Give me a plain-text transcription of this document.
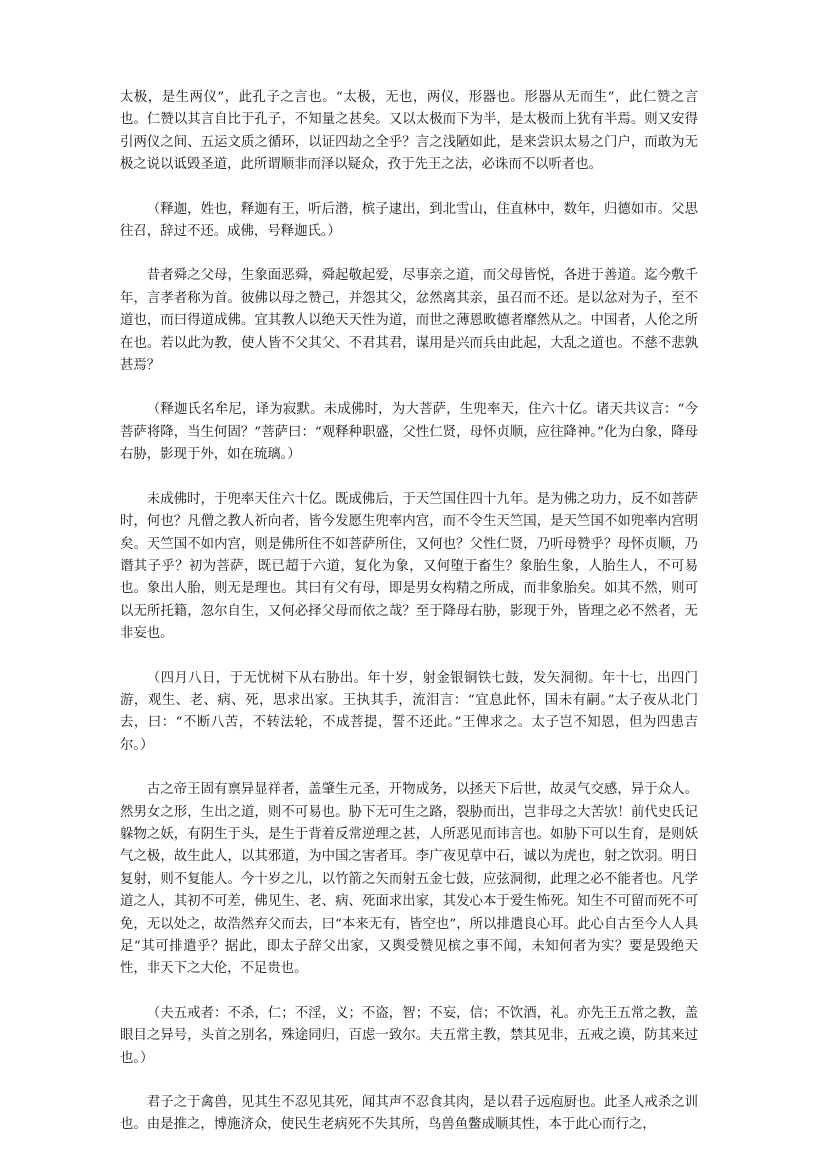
太极，是生两仪”，此孔子之言也。“太极，无也，两仪，形器也。形器从无而生”，此仁赞之言也。仁赞以其言自比于孔子，不知量之甚矣。又以太极而下为半，是太极而上犹有半焉。则又安得引两仪之间、五运文质之循环，以证四劫之全乎？言之浅陋如此，是来尝识太易之门户，而敢为无极之说以诋毁圣道，此所谓顺非而泽以疑众，孜于先王之法，必诛而不以听者也。

（释迦，姓也，释迦有王，听后潜，槟子逮出，到北雪山，住直林中，数年，归德如市。父思往召，辞过不还。成佛，号释迦氏。）

昔者舜之父母，生象面恶舜，舜起敬起爱，尽事亲之道，而父母皆悦，各进于善道。迄今敷千年，言孝者称为首。彼佛以母之赞己，并怨其父，忿然离其亲，虽召而不还。是以忿对为子，至不道也，而曰得道成佛。宜其教人以绝天天性为道，而世之薄恩畋德者靡然从之。中国者，人伦之所在也。若以此为教，使人皆不父其父、不君其君，谋用是兴而兵由此起，大乱之道也。不慈不悲孰甚焉？

（释迦氏名牟尼，译为寂默。未成佛时，为大菩萨，生兜率天，住六十亿。诸天共议言：“今菩萨将降，当生何固？”菩萨曰：“观释种职盛，父性仁贤，母怀贞顺，应往降神。”化为白象，降母右胁，影现于外，如在琉璃。）

未成佛时，于兜率天住六十亿。既成佛后，于天竺国住四十九年。是为佛之功力，反不如菩萨时，何也？凡僧之教人祈向者，皆今发愿生兜率内宫，而不令生天竺国，是天竺国不如兜率内宫明矣。天竺国不如内宫，则是佛所住不如菩萨所住，又何也？父性仁贤，乃听母赞乎？母怀贞顺，乃谮其子乎？初为菩萨，既已超于六道，复化为象，又何堕于畜生？象胎生象，人胎生人，不可易也。象出人胎，则无是理也。其曰有父有母，即是男女构精之所成，而非象胎矣。如其不然，则可以无所托籍，忽尔自生，又何必择父母而依之哉？至于降母右胁，影现于外，皆理之必不然者，无非妄也。

（四月八日，于无忧树下从右胁出。年十岁，射金银铜铁七鼓，发矢洞彻。年十七，出四门游，观生、老、病、死，思求出家。王执其手，流泪言：“宜息此怀，国未有嗣。”太子夜从北门去，曰：“不断八苦，不转法轮，不成菩提，誓不还此。”王俾求之。太子岂不知恩，但为四患吉尔。）

古之帝王固有禀异显祥者，盖肇生元圣，开物成务，以拯天下后世，故灵气交感，异于众人。然男女之形，生出之道，则不可易也。胁下无可生之路，裂胁而出，岂非母之大苦欤！前代史氏记躲物之妖，有阴生于头，是生于背着反常逆理之甚，人所恶见而讳言也。如胁下可以生育，是则妖气之极，故生此人，以其邪道，为中国之害者耳。李广夜见草中石，诚以为虎也，射之饮羽。明日复射，则不复能人。今十岁之儿，以竹箭之矢而射五金七鼓，应弦洞彻，此理之必不能者也。凡学道之人，其初不可差，佛见生、老、病、死面求出家，其发心本于爱生怖死。知生不可留而死不可免，无以处之，故浩然弃父而去，曰“本来无有，皆空也”，所以排遣良心耳。此心自古至今人人具足“其可排遣乎？据此，即太子辞父出家，又舆受赞见槟之事不闻，未知何者为实？要是毁绝天性，非天下之大伦，不足贵也。

（夫五戒者：不杀，仁；不淫，义；不盗，智；不妄，信；不饮酒，礼。亦先王五常之教，盖眼目之异号，头首之别名，殊途同归，百虑一致尔。夫五常主教，禁其见非，五戒之谟，防其来过也。）

君子之于禽兽，见其生不忍见其死，闻其声不忍食其肉，是以君子远庖厨也。此圣人戒杀之训也。由是推之，博施济众，使民生老病死不失其所，鸟兽鱼鳖成顺其性，本于此心而行之，
